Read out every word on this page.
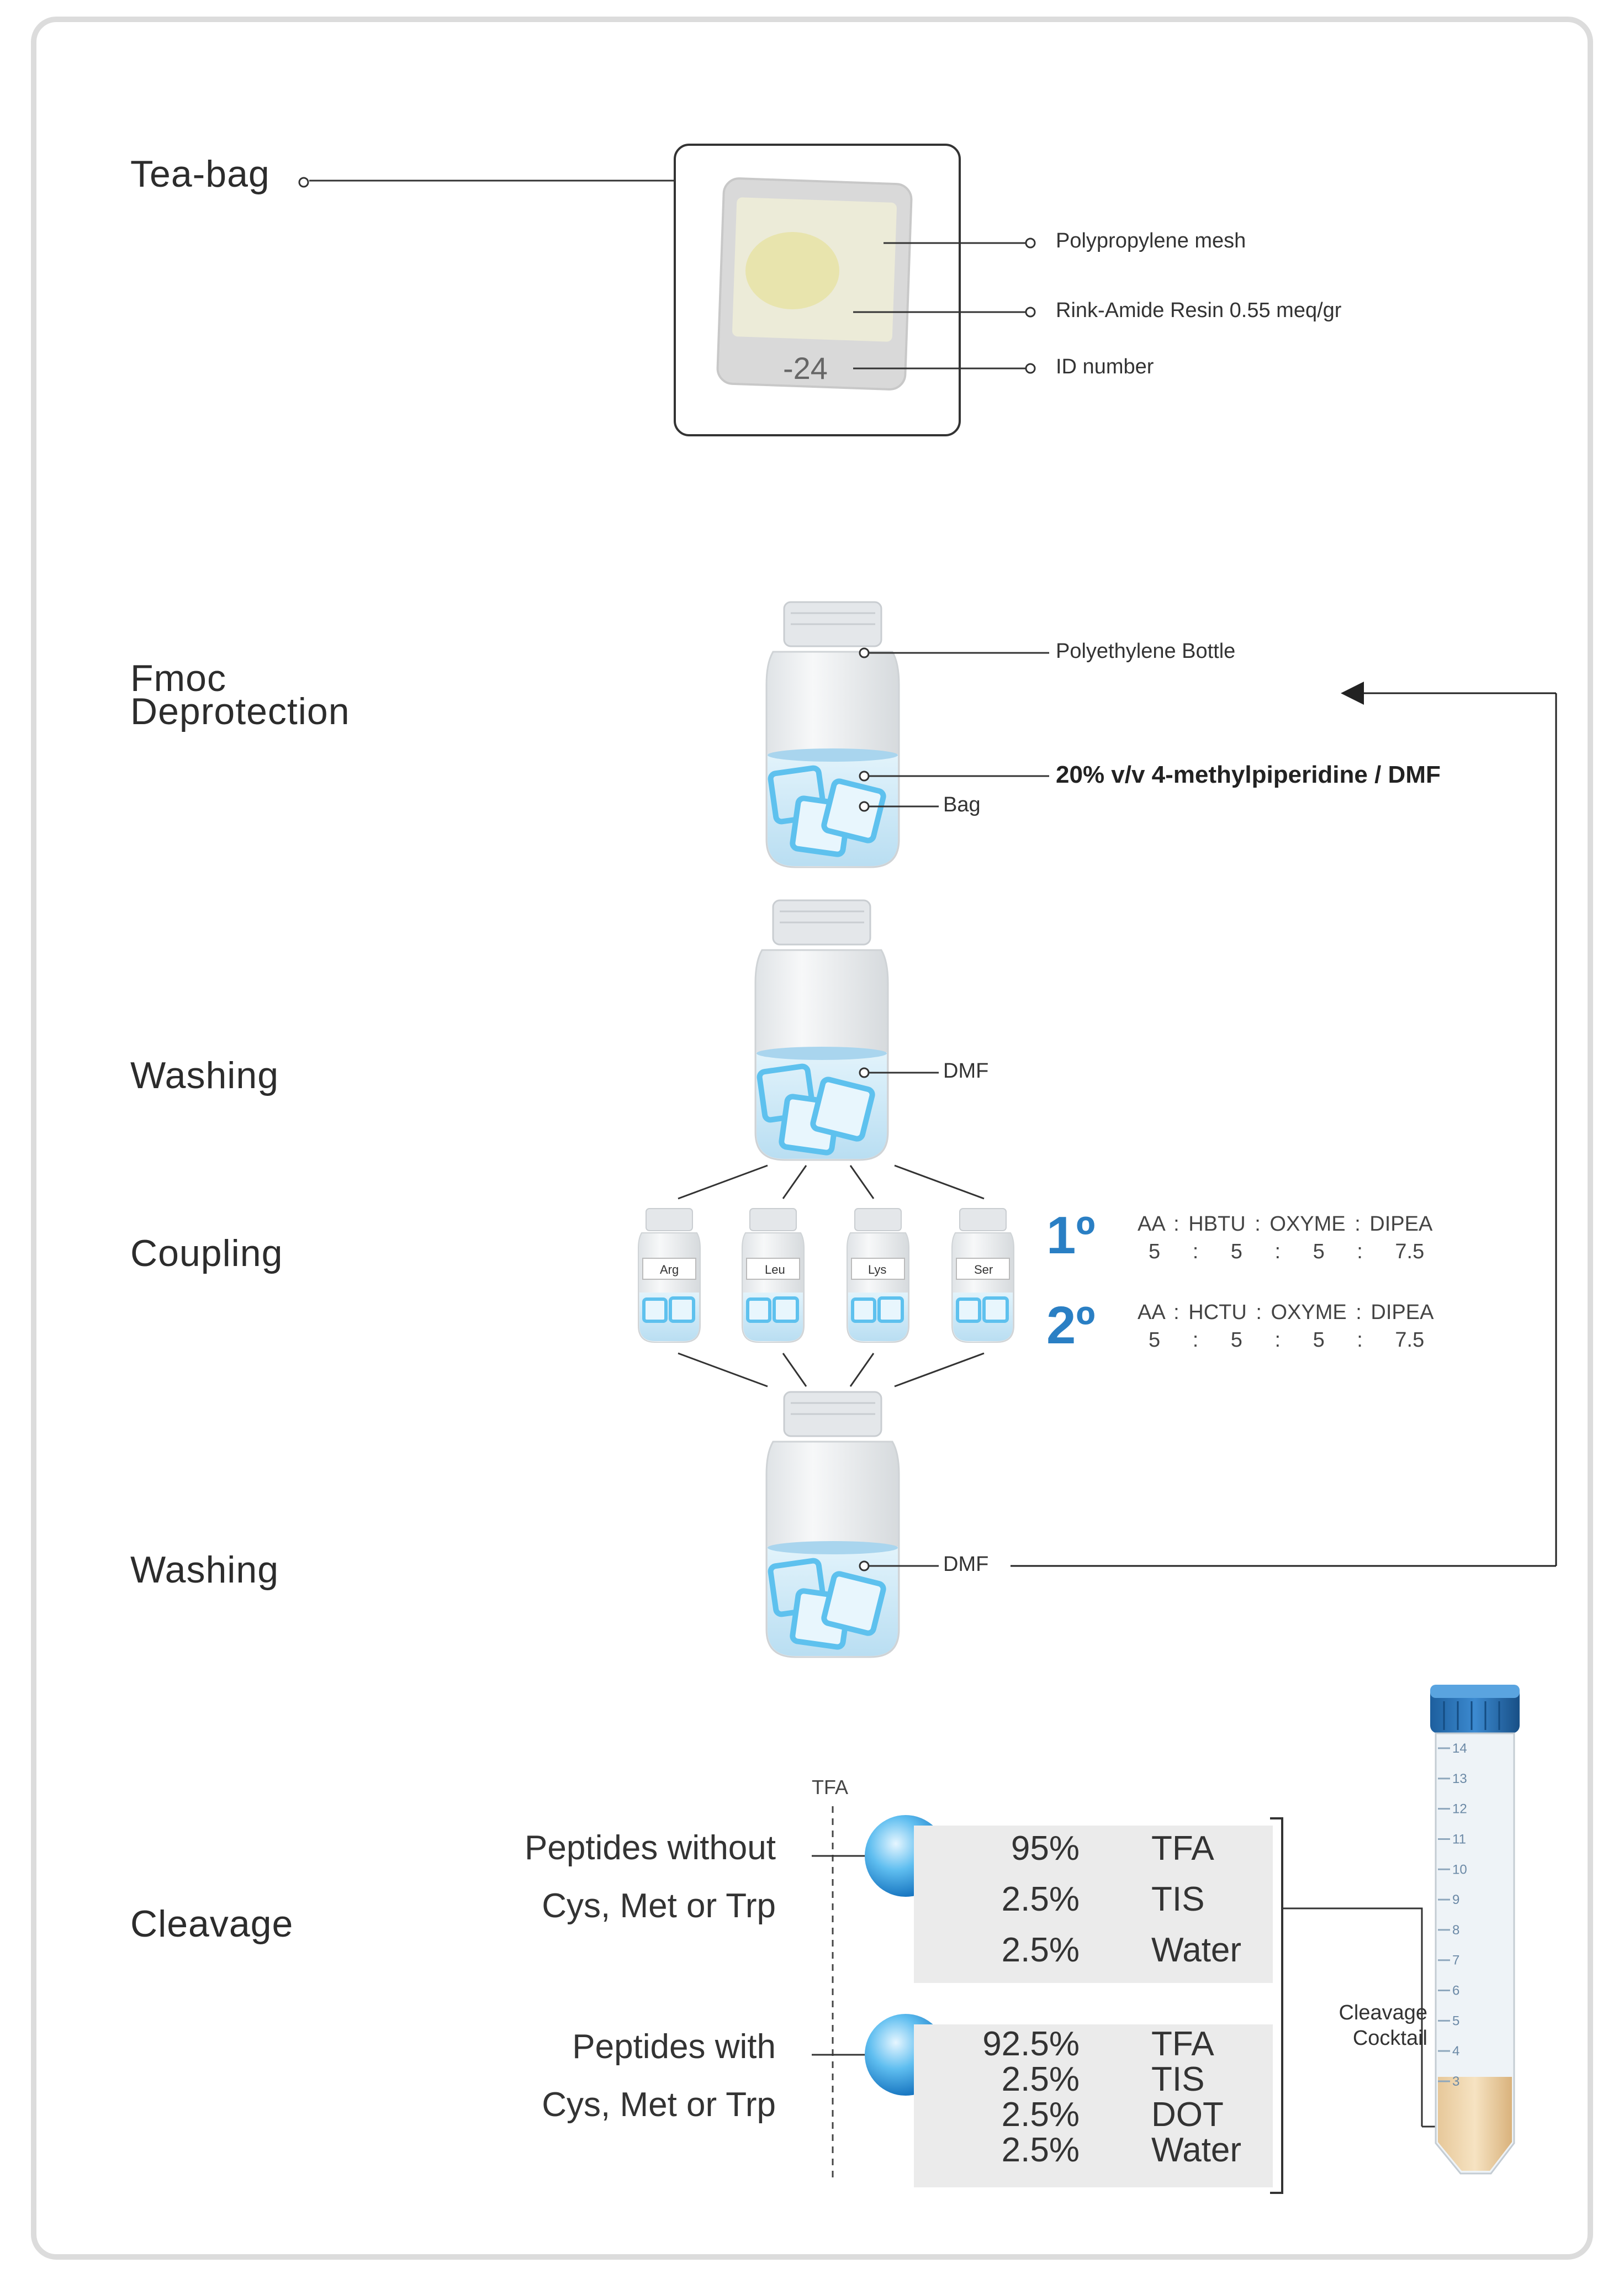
Tea-bag
Fmoc
Deprotection
Washing
Coupling
Washing
Cleavage
-24
14
13
12
11
10
9
8
7
6
5
4
3
Polypropylene mesh
Rink-Amide Resin 0.55 meq/gr
ID number
Polyethylene Bottle
20% v/v 4-methylpiperidine / DMF
Bag
DMF
DMF
1º AA : HBTU : OXYME : DIPEA
5 : 5 : 5 : 7.5
2º AA : HCTU : OXYME : DIPEA
5 : 5 : 5 : 7.5
Arg	Leu	Lys	Ser
TFA
Peptides without
Cys, Met or Trp
Peptides with
Cys, Met or Trp
95% TFA
2.5% TIS
2.5% Water
92.5% TFA
2.5% TIS
2.5% DOT
2.5% Water
Cleavage
Cocktail
